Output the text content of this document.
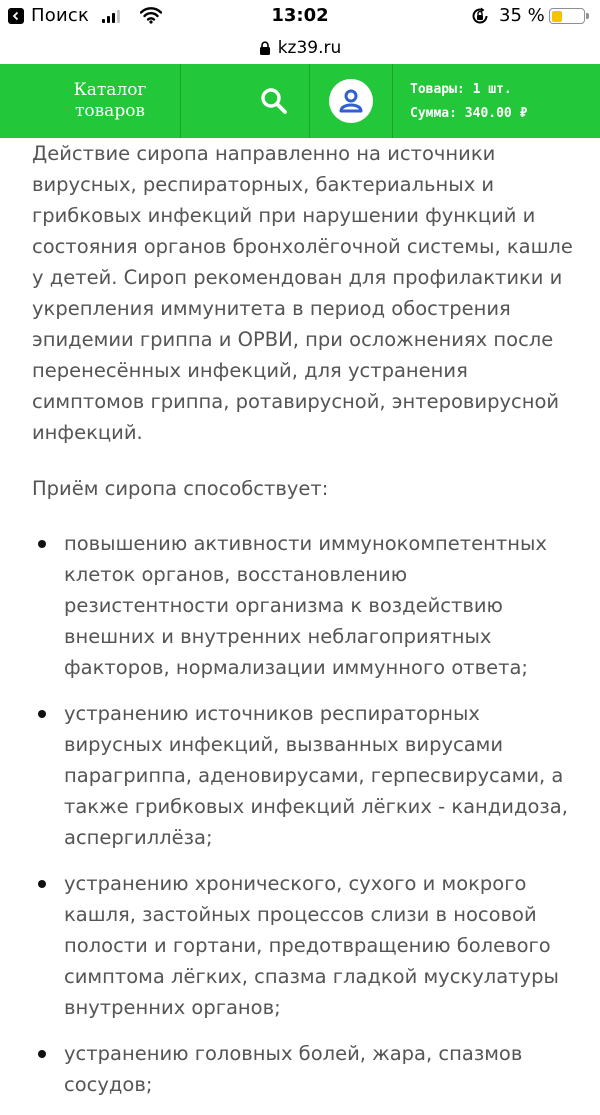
Поиск	13:02	35 %
kz39.ru
Каталог
товаров
Товары: 1 шт.
Сумма: 340.00 ₽

Действие сиропа направленно на источники вирусных, респираторных, бактериальных и грибковых инфекций при нарушении функций и состояния органов бронхолёгочной системы, кашле у детей. Сироп рекомендован для профилактики и укрепления иммунитета в период обострения эпидемии гриппа и ОРВИ, при осложнениях после перенесённых инфекций, для устранения симптомов гриппа, ротавирусной, энтеровирусной инфекций.

Приём сиропа способствует:

повышению активности иммунокомпетентных клеток органов, восстановлению резистентности организма к воздействию внешних и внутренних неблагоприятных факторов, нормализации иммунного ответа;
устранению источников респираторных вирусных инфекций, вызванных вирусами парагриппа, аденовирусами, герпесвирусами, а также грибковых инфекций лёгких - кандидоза, аспергиллёза;
устранению хронического, сухого и мокрого кашля, застойных процессов слизи в носовой полости и гортани, предотвращению болевого симптома лёгких, спазма гладкой мускулатуры внутренних органов;
устранению головных болей, жара, спазмов сосудов;
